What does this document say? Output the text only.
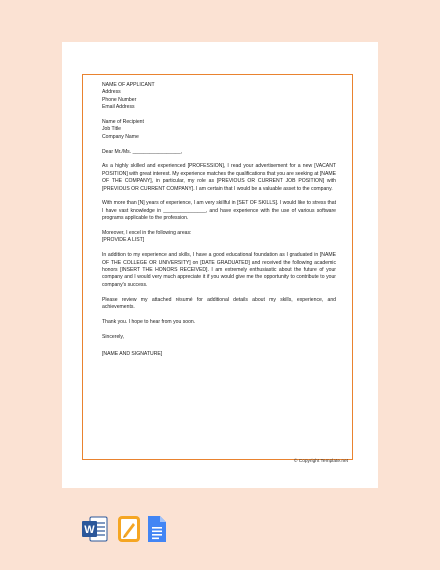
NAME OF APPLICANT
Address
Phone Number
Email Address

Name of Recipient
Job Title
Company Name

Dear Mr./Ms. _________________,

As a highly skilled and experienced [PROFESSION], I read your advertisement for a new [VACANT POSITION] with great interest. My experience matches the qualifications that you are seeking at [NAME OF THE COMPANY], in particular, my role as [PREVIOUS OR CURRENT JOB POSITION] with [PREVIOUS OR CURRENT COMPANY]. I am certain that I would be a valuable asset to the company.

With more than [N] years of experience, I am very skillful in [SET OF SKILLS]. I would like to stress that I have vast knowledge in _______________, and have experience with the use of various software programs applicable to the profession.

Moreover, I excel in the following areas:
[PROVIDE A LIST]

In addition to my experience and skills, I have a good educational foundation as I graduated in [NAME OF THE COLLEGE OR UNIVERSITY] on [DATE GRADUATED] and received the following academic honors [INSERT THE HONORS RECEIVED]. I am extremely enthusiastic about the future of your company and I would very much appreciate it if you would give me the opportunity to contribute to your company's success.

Please review my attached résumé for additional details about my skills, experience, and achievements.

Thank you. I hope to hear from you soon.

Sincerely,

[NAME AND SIGNATURE]

© Copyright Template.net
W
